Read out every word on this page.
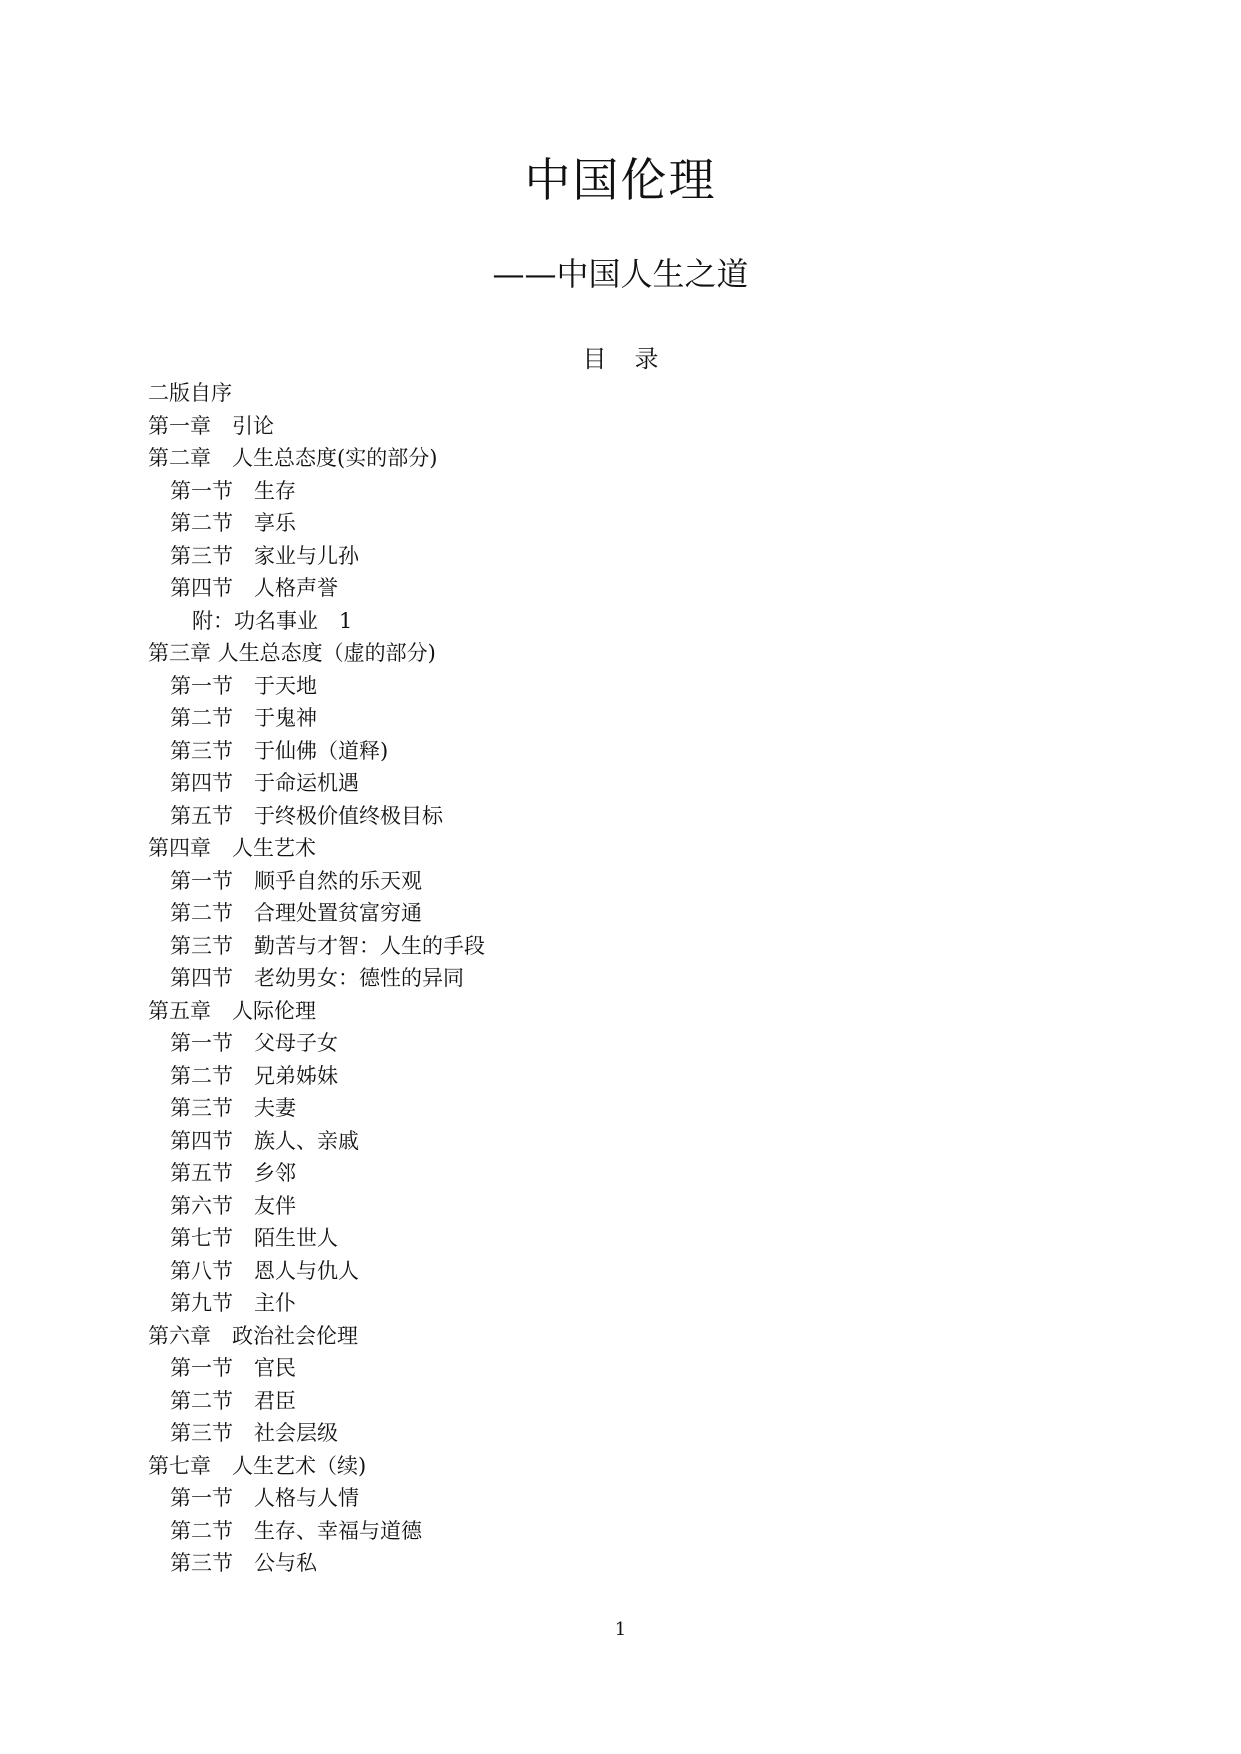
中国伦理
——中国人生之道
目 录
二版自序
第一章　引论
第二章　人生总态度(实的部分)
第一节　生存
第二节　享乐
第三节　家业与儿孙
第四节　人格声誉
附：功名事业　1
第三章 人生总态度（虚的部分)
第一节　于天地
第二节　于鬼神
第三节　于仙佛（道释)
第四节　于命运机遇
第五节　于终极价值终极目标
第四章　人生艺术
第一节　顺乎自然的乐天观
第二节　合理处置贫富穷通
第三节　勤苦与才智：人生的手段
第四节　老幼男女：德性的异同
第五章　人际伦理
第一节　父母子女
第二节　兄弟姊妹
第三节　夫妻
第四节　族人、亲戚
第五节　乡邻
第六节　友伴
第七节　陌生世人
第八节　恩人与仇人
第九节　主仆
第六章　政治社会伦理
第一节　官民
第二节　君臣
第三节　社会层级
第七章　人生艺术（续)
第一节　人格与人情
第二节　生存、幸福与道德
第三节　公与私
1
